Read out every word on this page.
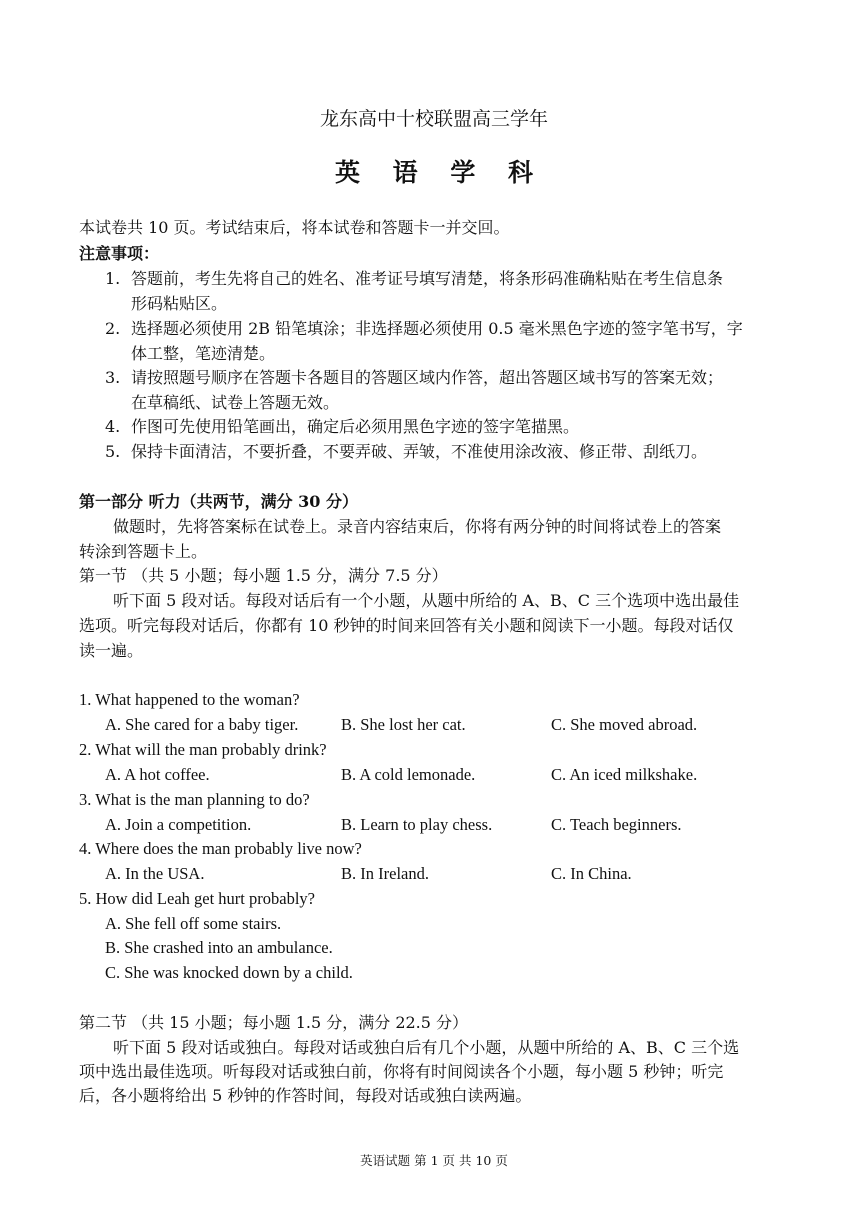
龙东高中十校联盟高三学年
英 语 学 科
本试卷共 10 页。考试结束后，将本试卷和答题卡一并交回。
注意事项：
1. 答题前，考生先将自己的姓名、准考证号填写清楚，将条形码准确粘贴在考生信息条
形码粘贴区。
2. 选择题必须使用 2B 铅笔填涂；非选择题必须使用 0.5 毫米黑色字迹的签字笔书写，字
体工整，笔迹清楚。
3. 请按照题号顺序在答题卡各题目的答题区域内作答，超出答题区域书写的答案无效；
在草稿纸、试卷上答题无效。
4. 作图可先使用铅笔画出，确定后必须用黑色字迹的签字笔描黑。
5. 保持卡面清洁，不要折叠，不要弄破、弄皱，不准使用涂改液、修正带、刮纸刀。
第一部分 听力（共两节，满分 30 分）
做题时，先将答案标在试卷上。录音内容结束后，你将有两分钟的时间将试卷上的答案
转涂到答题卡上。
第一节 （共 5 小题；每小题 1.5 分，满分 7.5 分）
听下面 5 段对话。每段对话后有一个小题，从题中所给的 A、B、C 三个选项中选出最佳
选项。听完每段对话后，你都有 10 秒钟的时间来回答有关小题和阅读下一小题。每段对话仅
读一遍。
1. What happened to the woman?
A. She cared for a baby tiger.	B. She lost her cat.	C. She moved abroad.
2. What will the man probably drink?
A. A hot coffee.	B. A cold lemonade.	C. An iced milkshake.
3. What is the man planning to do?
A. Join a competition.	B. Learn to play chess.	C. Teach beginners.
4. Where does the man probably live now?
A. In the USA.	B. In Ireland.	C. In China.
5. How did Leah get hurt probably?
A. She fell off some stairs.
B. She crashed into an ambulance.
C. She was knocked down by a child.
第二节 （共 15 小题；每小题 1.5 分，满分 22.5 分）
听下面 5 段对话或独白。每段对话或独白后有几个小题，从题中所给的 A、B、C 三个选
项中选出最佳选项。听每段对话或独白前，你将有时间阅读各个小题，每小题 5 秒钟；听完
后，各小题将给出 5 秒钟的作答时间，每段对话或独白读两遍。
英语试题 第 1 页 共 10 页
